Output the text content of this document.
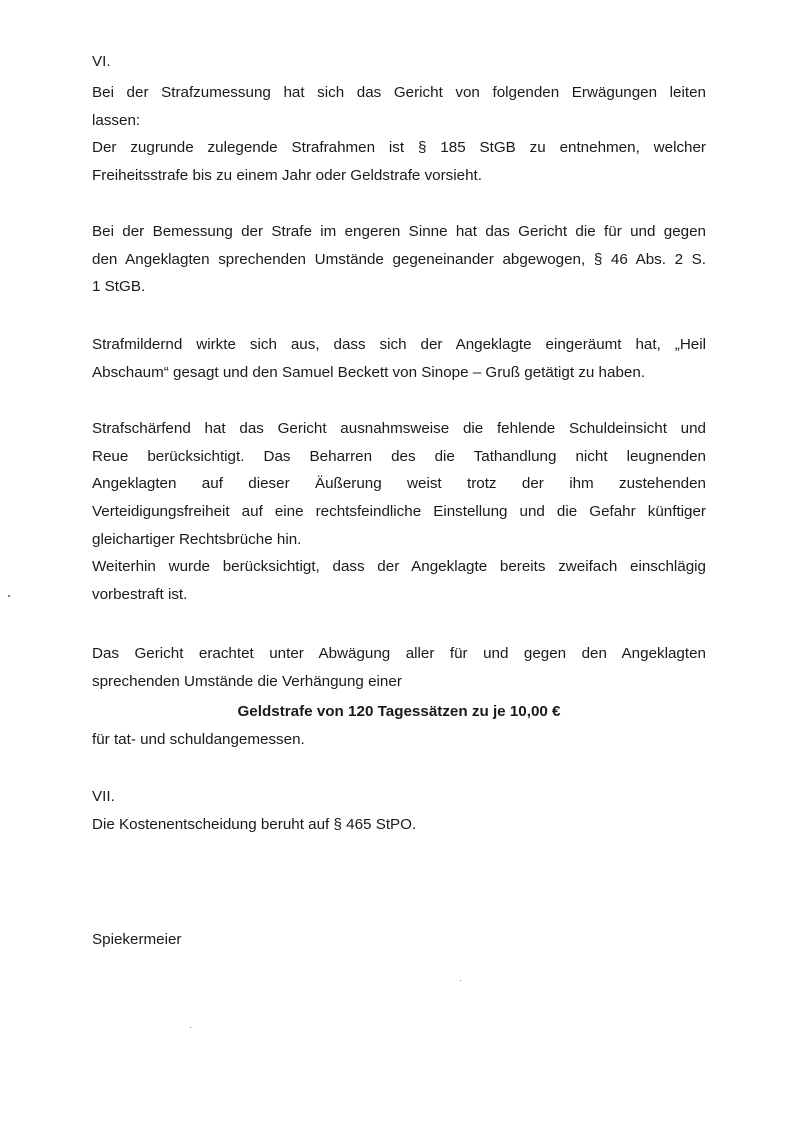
VI.
Bei der Strafzumessung hat sich das Gericht von folgenden Erwägungen leiten
lassen:
Der zugrunde zulegende Strafrahmen ist § 185 StGB zu entnehmen, welcher
Freiheitsstrafe bis zu einem Jahr oder Geldstrafe vorsieht.
Bei der Bemessung der Strafe im engeren Sinne hat das Gericht die für und gegen
den Angeklagten sprechenden Umstände gegeneinander abgewogen, § 46 Abs. 2 S.
1 StGB.
Strafmildernd wirkte sich aus, dass sich der Angeklagte eingeräumt hat, „Heil
Abschaum“ gesagt und den Samuel Beckett von Sinope – Gruß getätigt zu haben.
Strafschärfend hat das Gericht ausnahmsweise die fehlende Schuldeinsicht und
Reue berücksichtigt. Das Beharren des die Tathandlung nicht leugnenden
Angeklagten auf dieser Äußerung weist trotz der ihm zustehenden
Verteidigungsfreiheit auf eine rechtsfeindliche Einstellung und die Gefahr künftiger
gleichartiger Rechtsbrüche hin.
Weiterhin wurde berücksichtigt, dass der Angeklagte bereits zweifach einschlägig
vorbestraft ist.
Das Gericht erachtet unter Abwägung aller für und gegen den Angeklagten
sprechenden Umstände die Verhängung einer
Geldstrafe von 120 Tagessätzen zu je 10,00 €
für tat- und schuldangemessen.
VII.
Die Kostenentscheidung beruht auf § 465 StPO.
Spiekermeier
